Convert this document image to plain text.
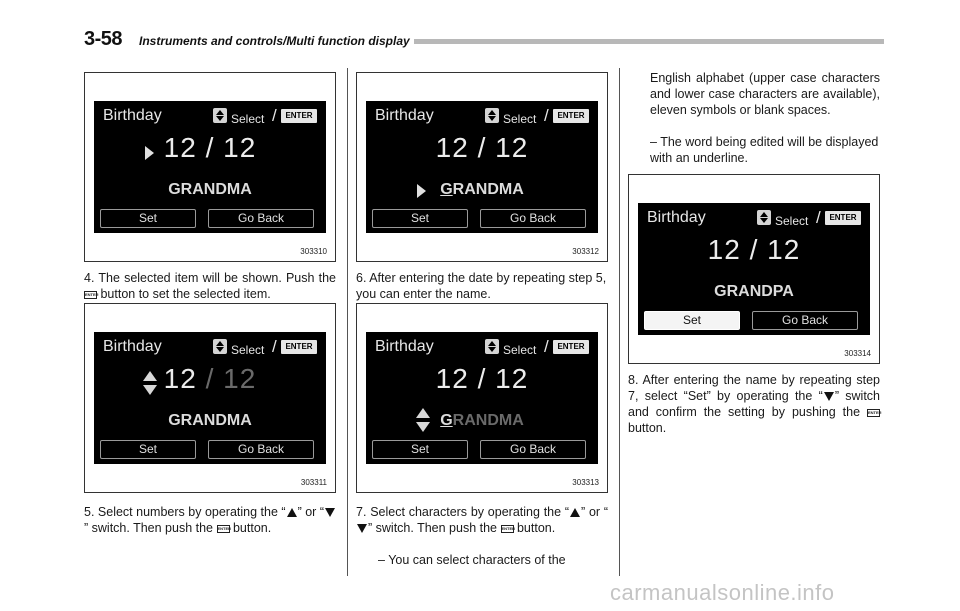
3-58 Instruments and controls/Multi function display
Birthday	Select /	ENTER
12 / 12
GRANDMA
Set	Go Back
303310
4. The selected item will be shown. Push the ENTER button to set the selected item.
Birthday	Select /	ENTER
12 / 12
GRANDMA
Set	Go Back
303311
5. Select numbers by operating the “ ” or “” switch. Then push the ENTER button.
Birthday	Select /	ENTER
12 / 12
GRANDMA
Set	Go Back
303312
6. After entering the date by repeating step 5, you can enter the name.
Birthday	Select /	ENTER
12 / 12
GRANDMA
Set	Go Back
303313
7. Select characters by operating the “ ” or “” switch. Then push the ENTER button.
– You can select characters of the
English alphabet (upper case characters and lower case characters are available), eleven symbols or blank spaces.
– The word being edited will be displayed with an underline.
Birthday	Select /	ENTER
12 / 12
GRANDPA
Set	Go Back
303314
8. After entering the name by repeating step 7, select “Set” by operating the “ ” switch and confirm the setting by pushing the ENTER button.
carmanualsonline.info
